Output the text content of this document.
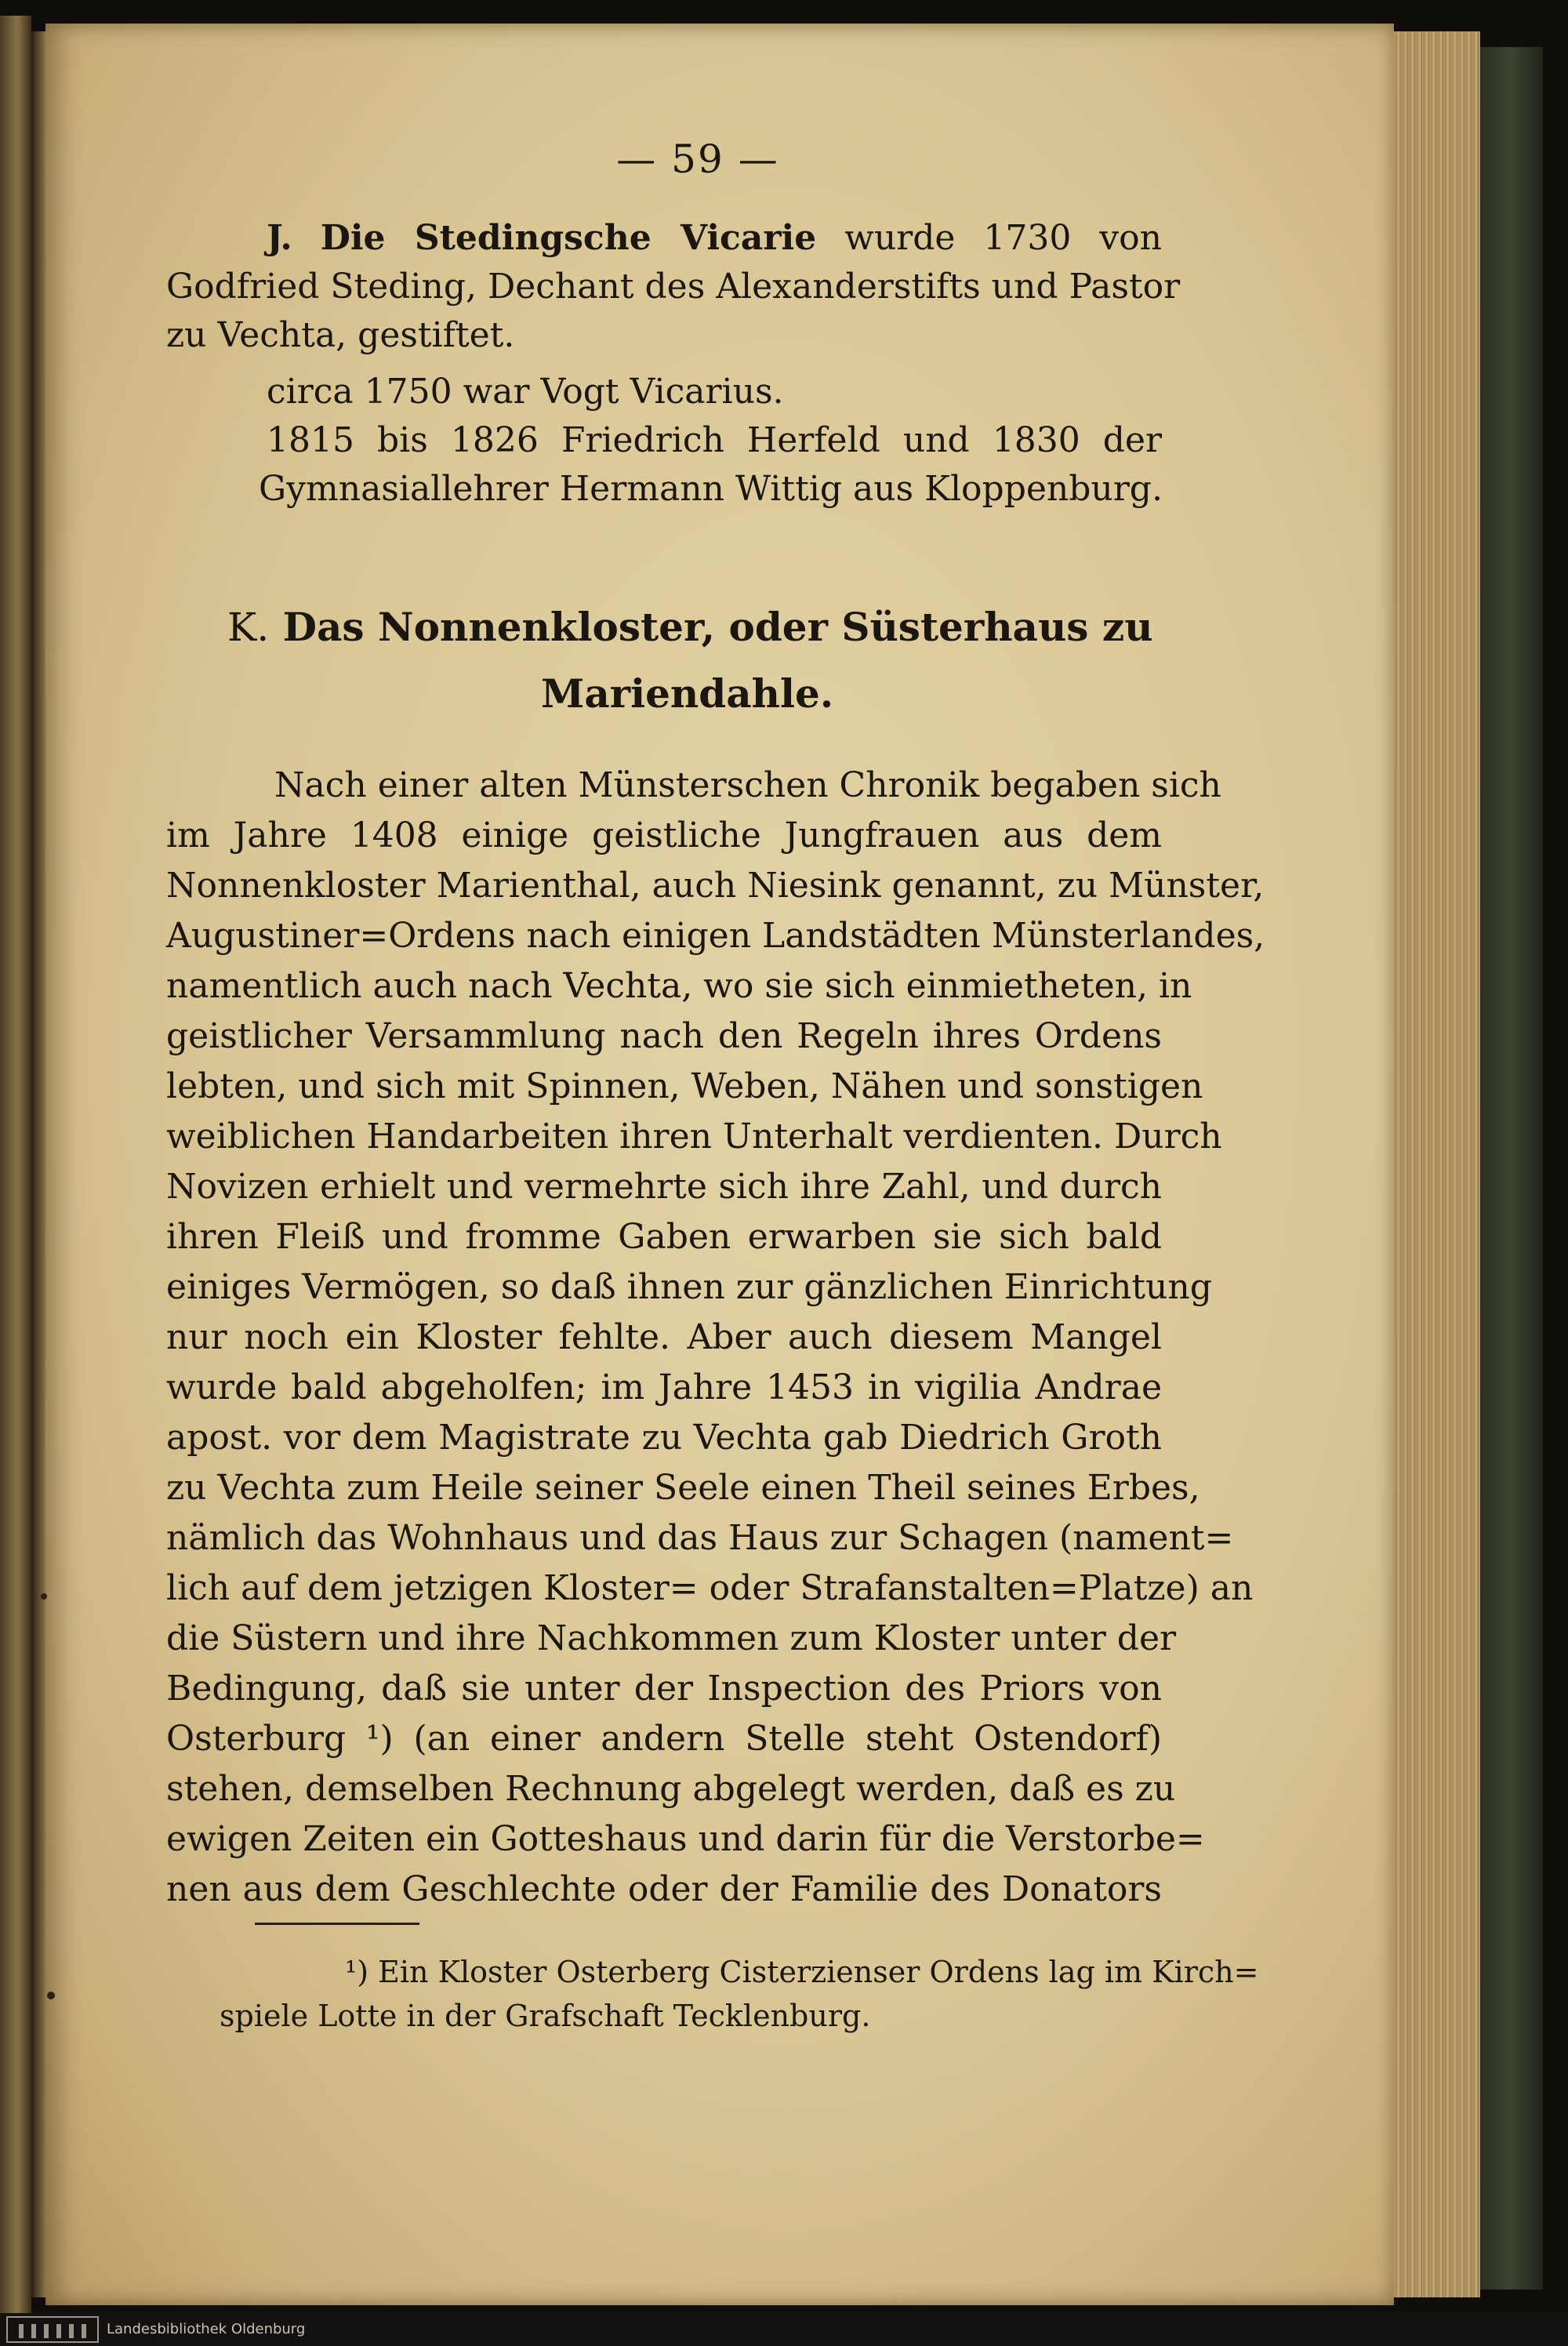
— 59 —
J. Die Stedingsche Vicarie wurde 1730 von
Godfried Steding, Dechant des Alexanderstifts und Pastor
zu Vechta, gestiftet.
circa 1750 war Vogt Vicarius.
1815 bis 1826 Friedrich Herfeld und 1830 der
Gymnasiallehrer Hermann Wittig aus Kloppenburg.
K. Das Nonnenkloster, oder Süsterhaus zu
Mariendahle.
Nach einer alten Münsterschen Chronik begaben sich
im Jahre 1408 einige geistliche Jungfrauen aus dem
Nonnenkloster Marienthal, auch Niesink genannt, zu Münster,
Augustiner=Ordens nach einigen Landstädten Münsterlandes,
namentlich auch nach Vechta, wo sie sich einmietheten, in
geistlicher Versammlung nach den Regeln ihres Ordens
lebten, und sich mit Spinnen, Weben, Nähen und sonstigen
weiblichen Handarbeiten ihren Unterhalt verdienten. Durch
Novizen erhielt und vermehrte sich ihre Zahl, und durch
ihren Fleiß und fromme Gaben erwarben sie sich bald
einiges Vermögen, so daß ihnen zur gänzlichen Einrichtung
nur noch ein Kloster fehlte. Aber auch diesem Mangel
wurde bald abgeholfen; im Jahre 1453 in vigilia Andrae
apost. vor dem Magistrate zu Vechta gab Diedrich Groth
zu Vechta zum Heile seiner Seele einen Theil seines Erbes,
nämlich das Wohnhaus und das Haus zur Schagen (nament=
lich auf dem jetzigen Kloster= oder Strafanstalten=Platze) an
die Süstern und ihre Nachkommen zum Kloster unter der
Bedingung, daß sie unter der Inspection des Priors von
Osterburg ¹) (an einer andern Stelle steht Ostendorf)
stehen, demselben Rechnung abgelegt werden, daß es zu
ewigen Zeiten ein Gotteshaus und darin für die Verstorbe=
nen aus dem Geschlechte oder der Familie des Donators
¹) Ein Kloster Osterberg Cisterzienser Ordens lag im Kirch=
spiele Lotte in der Grafschaft Tecklenburg.
Landesbibliothek Oldenburg
